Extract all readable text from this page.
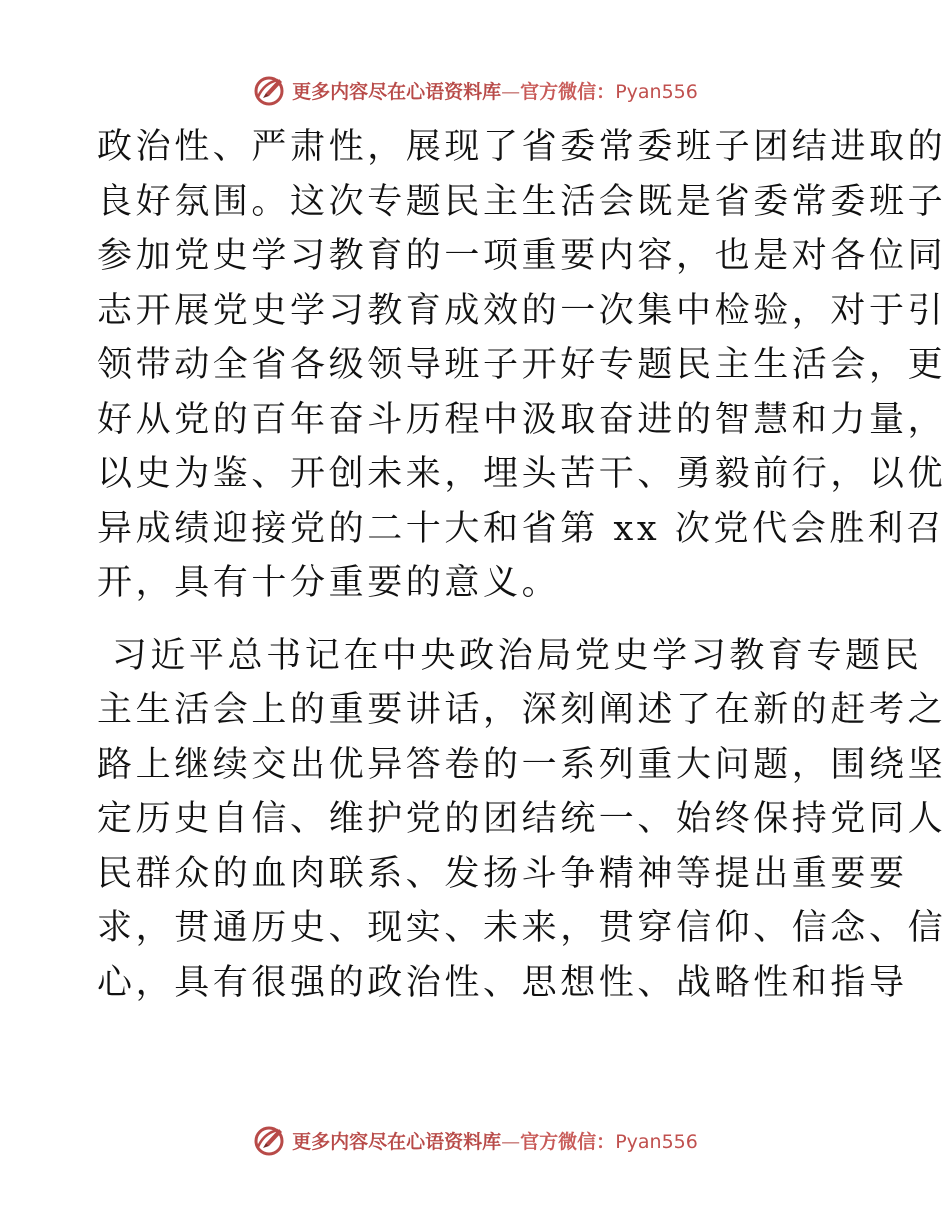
更多内容尽在心语资料库—官方微信：Pyan556

政治性、严肃性，展现了省委常委班子团结进取的
良好氛围。这次专题民主生活会既是省委常委班子
参加党史学习教育的一项重要内容，也是对各位同
志开展党史学习教育成效的一次集中检验，对于引
领带动全省各级领导班子开好专题民主生活会，更
好从党的百年奋斗历程中汲取奋进的智慧和力量，
以史为鉴、开创未来，埋头苦干、勇毅前行，以优
异成绩迎接党的二十大和省第 xx 次党代会胜利召
开，具有十分重要的意义。

习近平总书记在中央政治局党史学习教育专题民
主生活会上的重要讲话，深刻阐述了在新的赶考之
路上继续交出优异答卷的一系列重大问题，围绕坚
定历史自信、维护党的团结统一、始终保持党同人
民群众的血肉联系、发扬斗争精神等提出重要要
求，贯通历史、现实、未来，贯穿信仰、信念、信
心，具有很强的政治性、思想性、战略性和指导

更多内容尽在心语资料库—官方微信：Pyan556
